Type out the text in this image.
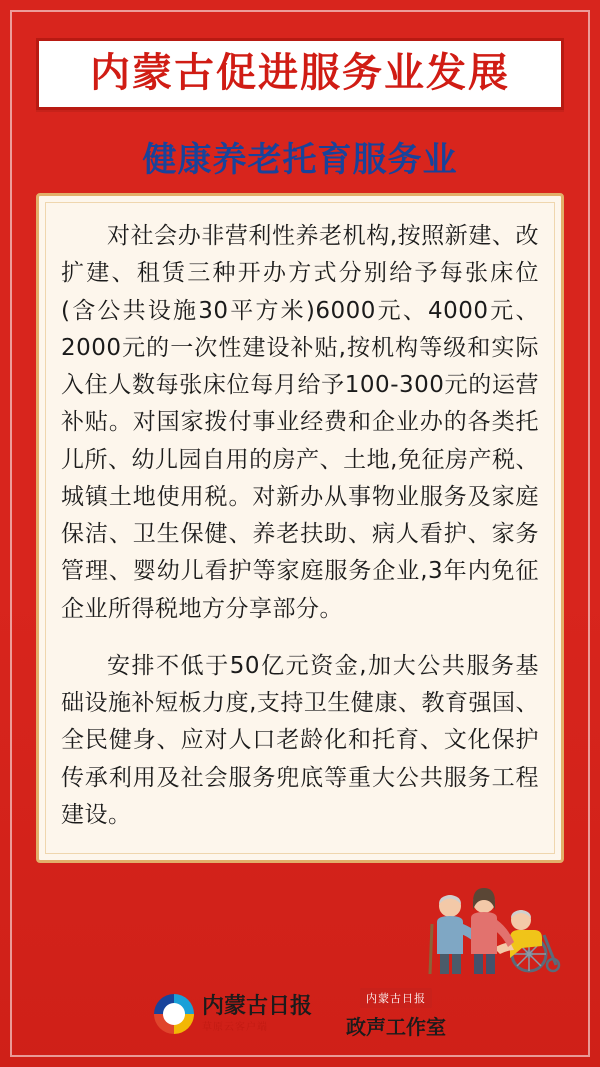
内蒙古促进服务业发展
健康养老托育服务业

对社会办非营利性养老机构,按照新建、改扩建、租赁三种开办方式分别给予每张床位(含公共设施30平方米)6000元、4000元、2000元的一次性建设补贴,按机构等级和实际入住人数每张床位每月给予100-300元的运营补贴。对国家拨付事业经费和企业办的各类托儿所、幼儿园自用的房产、土地,免征房产税、城镇土地使用税。对新办从事物业服务及家庭保洁、卫生保健、养老扶助、病人看护、家务管理、婴幼儿看护等家庭服务企业,3年内免征企业所得税地方分享部分。

安排不低于50亿元资金,加大公共服务基础设施补短板力度,支持卫生健康、教育强国、全民健身、应对人口老龄化和托育、文化保护传承利用及社会服务兜底等重大公共服务工程建设。

内蒙古日报
草原云客户端
内蒙古日报
政声工作室
